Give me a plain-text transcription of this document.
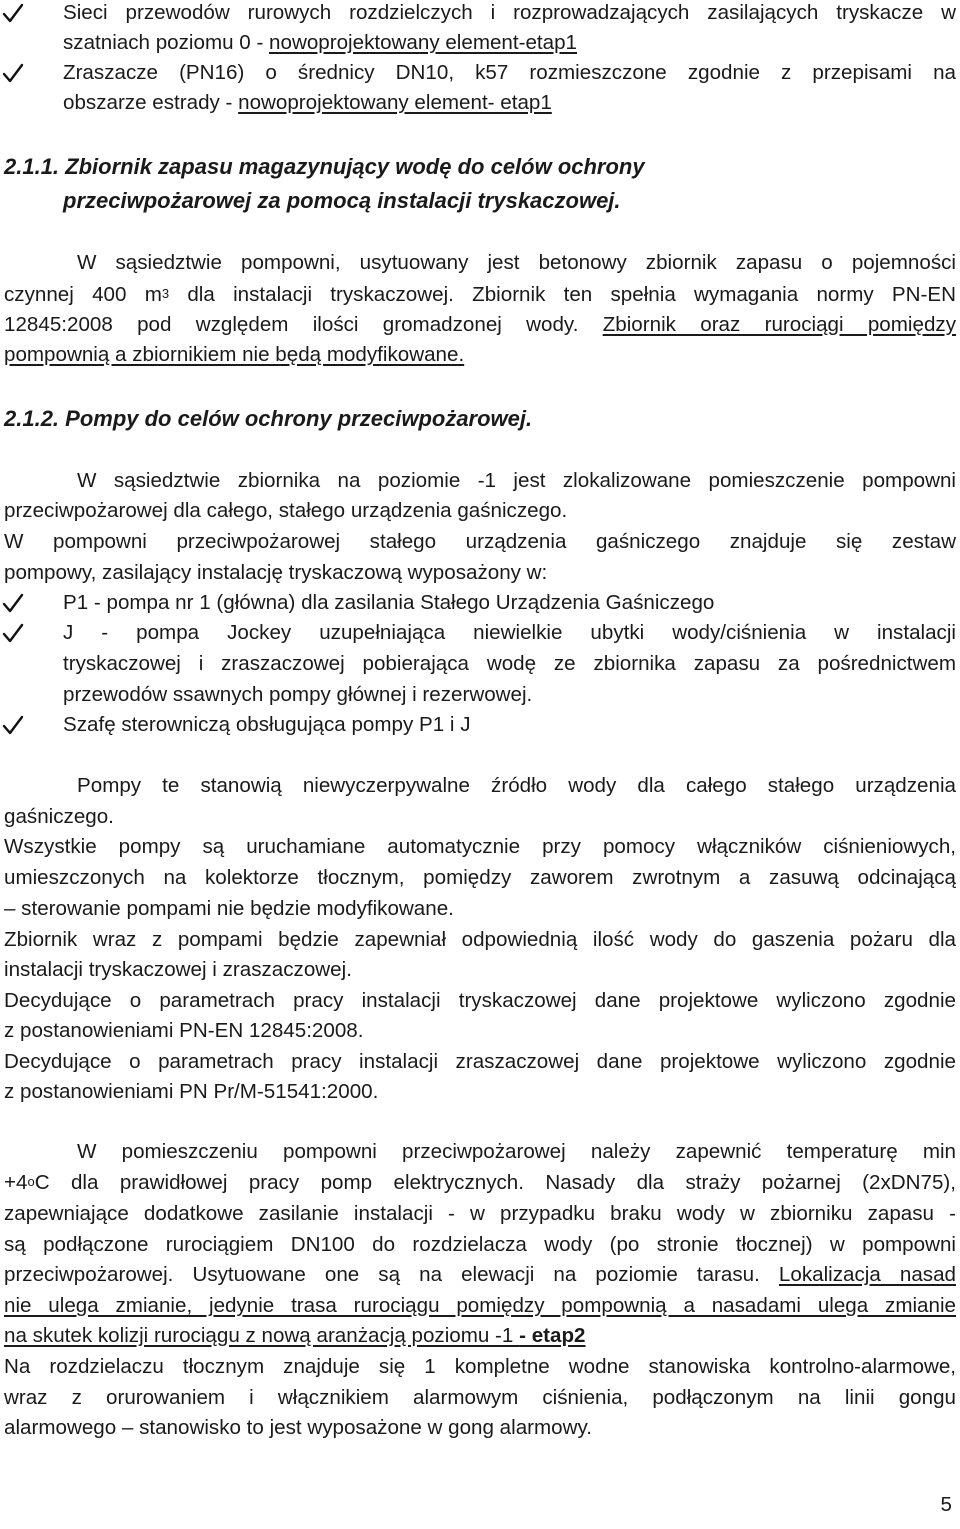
Sieci przewodów rurowych rozdzielczych i rozprowadzających zasilających tryskacze w
szatniach poziomu 0 - nowoprojektowany element-etap1
Zraszacze (PN16) o średnicy DN10, k57 rozmieszczone zgodnie z przepisami na
obszarze estrady - nowoprojektowany element- etap1
2.1.1. Zbiornik zapasu magazynujący wodę do celów ochrony
przeciwpożarowej za pomocą instalacji tryskaczowej.
W sąsiedztwie pompowni, usytuowany jest betonowy zbiornik zapasu o pojemności
czynnej 400 $m^3$ dla instalacji tryskaczowej. Zbiornik ten spełnia wymagania normy PN-EN
12845:2008 pod względem ilości gromadzonej wody. Zbiornik oraz rurociągi pomiędzy
pompownią a zbiornikiem nie będą modyfikowane.
2.1.2. Pompy do celów ochrony przeciwpożarowej.
W sąsiedztwie zbiornika na poziomie -1 jest zlokalizowane pomieszczenie pompowni
przeciwpożarowej dla całego, stałego urządzenia gaśniczego.
W pompowni przeciwpożarowej stałego urządzenia gaśniczego znajduje się zestaw
pompowy, zasilający instalację tryskaczową wyposażony w:
P1 - pompa nr 1 (główna) dla zasilania Stałego Urządzenia Gaśniczego
J - pompa Jockey uzupełniająca niewielkie ubytki wody/ciśnienia w instalacji
tryskaczowej i zraszaczowej pobierająca wodę ze zbiornika zapasu za pośrednictwem
przewodów ssawnych pompy głównej i rezerwowej.
Szafę sterowniczą obsługująca pompy P1 i J
Pompy te stanowią niewyczerpywalne źródło wody dla całego stałego urządzenia
gaśniczego.
Wszystkie pompy są uruchamiane automatycznie przy pomocy włączników ciśnieniowych,
umieszczonych na kolektorze tłocznym, pomiędzy zaworem zwrotnym a zasuwą odcinającą
– sterowanie pompami nie będzie modyfikowane.
Zbiornik wraz z pompami będzie zapewniał odpowiednią ilość wody do gaszenia pożaru dla
instalacji tryskaczowej i zraszaczowej.
Decydujące o parametrach pracy instalacji tryskaczowej dane projektowe wyliczono zgodnie
z postanowieniami PN-EN 12845:2008.
Decydujące o parametrach pracy instalacji zraszaczowej dane projektowe wyliczono zgodnie
z postanowieniami PN Pr/M-51541:2000.
W pomieszczeniu pompowni przeciwpożarowej należy zapewnić temperaturę min
$+4^oC$ dla prawidłowej pracy pomp elektrycznych. Nasady dla straży pożarnej (2xDN75),
zapewniające dodatkowe zasilanie instalacji - w przypadku braku wody w zbiorniku zapasu -
są podłączone rurociągiem DN100 do rozdzielacza wody (po stronie tłocznej) w pompowni
przeciwpożarowej. Usytuowane one są na elewacji na poziomie tarasu. Lokalizacja nasad
nie ulega zmianie, jedynie trasa rurociągu pomiędzy pompownią a nasadami ulega zmianie
na skutek kolizji rurociągu z nową aranżacją poziomu -1 - etap2
Na rozdzielaczu tłocznym znajduje się 1 kompletne wodne stanowiska kontrolno-alarmowe,
wraz z orurowaniem i włącznikiem alarmowym ciśnienia, podłączonym na linii gongu
alarmowego – stanowisko to jest wyposażone w gong alarmowy.
5
